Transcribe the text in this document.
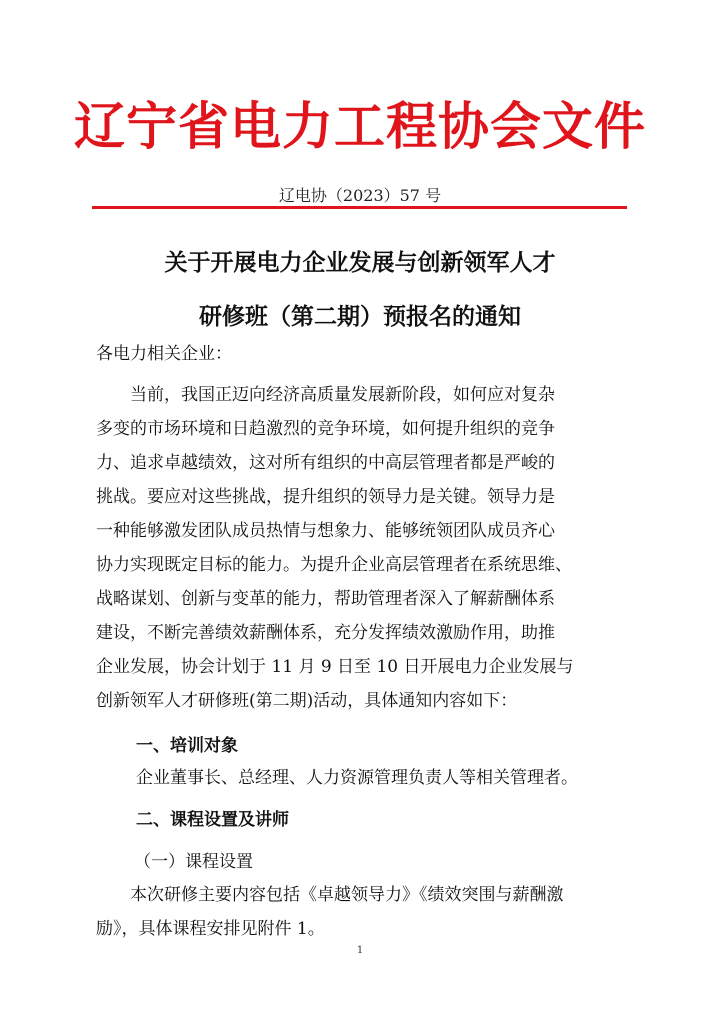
辽宁省电力工程协会文件
辽电协（2023）57 号
关于开展电力企业发展与创新领军人才
研修班（第二期）预报名的通知
各电力相关企业：
　　当前，我国正迈向经济高质量发展新阶段，如何应对复杂
多变的市场环境和日趋激烈的竞争环境，如何提升组织的竞争
力、追求卓越绩效，这对所有组织的中高层管理者都是严峻的
挑战。要应对这些挑战，提升组织的领导力是关键。领导力是
一种能够激发团队成员热情与想象力、能够统领团队成员齐心
协力实现既定目标的能力。为提升企业高层管理者在系统思维、
战略谋划、创新与变革的能力，帮助管理者深入了解薪酬体系
建设，不断完善绩效薪酬体系，充分发挥绩效激励作用，助推
企业发展，协会计划于 11 月 9 日至 10 日开展电力企业发展与
创新领军人才研修班(第二期)活动，具体通知内容如下：
一、培训对象
企业董事长、总经理、人力资源管理负责人等相关管理者。
二、课程设置及讲师
（一）课程设置
　　本次研修主要内容包括《卓越领导力》《绩效突围与薪酬激
励》，具体课程安排见附件 1。
1
